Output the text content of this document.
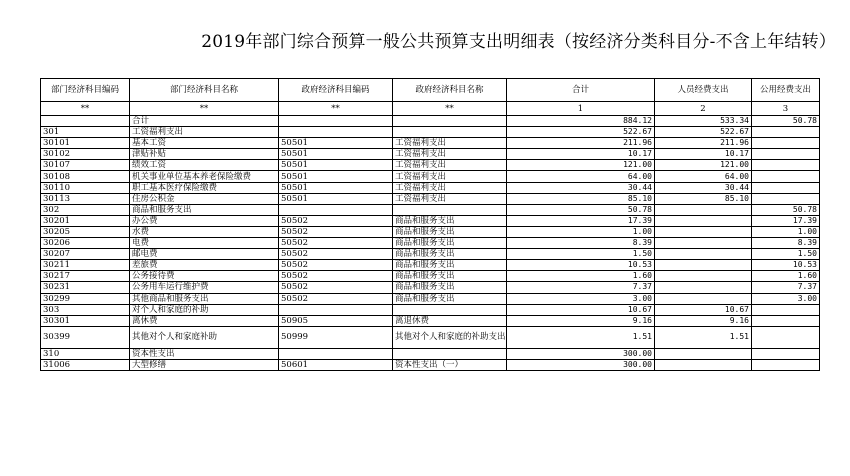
2019年部门综合预算一般公共预算支出明细表（按经济分类科目分-不含上年结转）
部门经济科目编码	部门经济科目名称	政府经济科目编码	政府经济科目名称	合计	人员经费支出	公用经费支出
**	**	**	**	1	2	3
	合计			884.12	533.34	50.78
301	工资福利支出			522.67	522.67	
30101	基本工资	50501	工资福利支出	211.96	211.96	
30102	津贴补贴	50501	工资福利支出	10.17	10.17	
30107	绩效工资	50501	工资福利支出	121.00	121.00	
30108	机关事业单位基本养老保险缴费	50501	工资福利支出	64.00	64.00	
30110	职工基本医疗保险缴费	50501	工资福利支出	30.44	30.44	
30113	住房公积金	50501	工资福利支出	85.10	85.10	
302	商品和服务支出			50.78		50.78
30201	办公费	50502	商品和服务支出	17.39		17.39
30205	水费	50502	商品和服务支出	1.00		1.00
30206	电费	50502	商品和服务支出	8.39		8.39
30207	邮电费	50502	商品和服务支出	1.50		1.50
30211	差旅费	50502	商品和服务支出	10.53		10.53
30217	公务接待费	50502	商品和服务支出	1.60		1.60
30231	公务用车运行维护费	50502	商品和服务支出	7.37		7.37
30299	其他商品和服务支出	50502	商品和服务支出	3.00		3.00
303	对个人和家庭的补助			10.67	10.67	
30301	离休费	50905	离退休费	9.16	9.16	
30399	其他对个人和家庭补助	50999	其他对个人和家庭的补助支出	1.51	1.51	
310	资本性支出			300.00		
31006	大型修缮	50601	资本性支出（一）	300.00		
